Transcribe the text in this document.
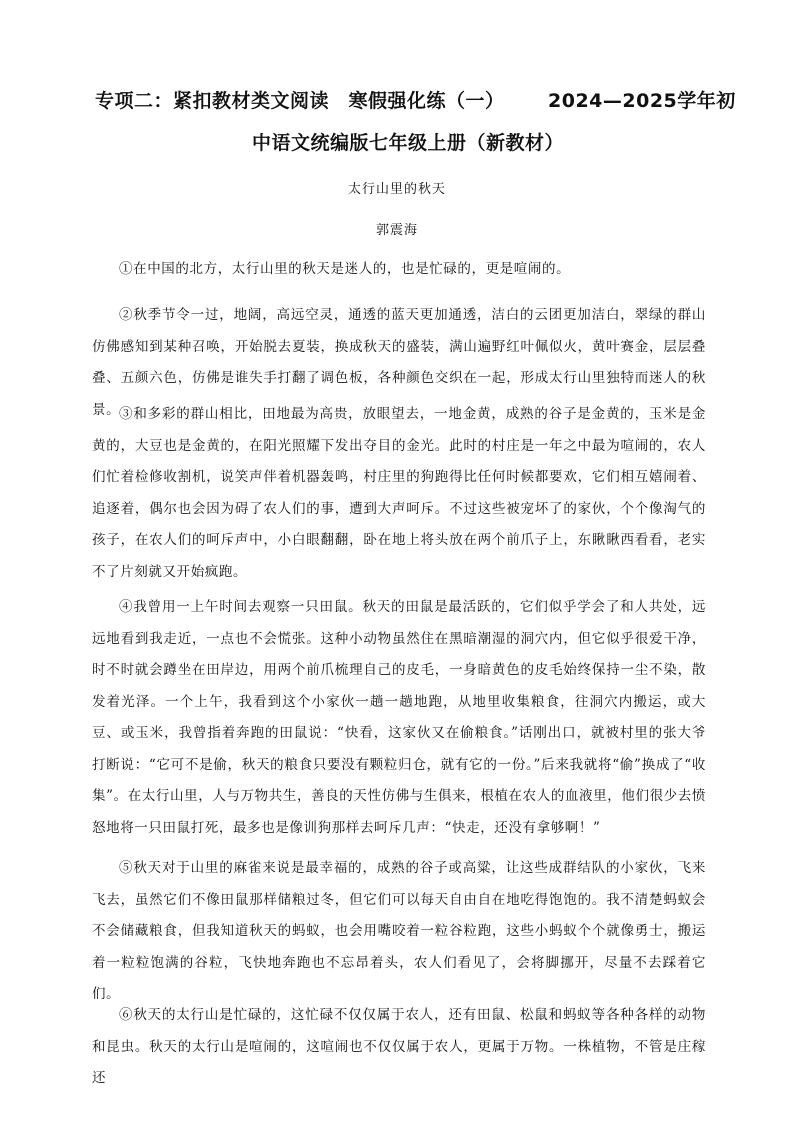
专项二：紧扣教材类文阅读　寒假强化练（一） 2024—2025学年初
中语文统编版七年级上册（新教材）
太行山里的秋天
郭震海

①在中国的北方，太行山里的秋天是迷人的，也是忙碌的，更是喧闹的。

②秋季节令一过，地阔，高远空灵，通透的蓝天更加通透，洁白的云团更加洁白，翠绿的群山仿佛感知到某种召唤，开始脱去夏装，换成秋天的盛装，满山遍野红叶佩似火，黄叶赛金，层层叠叠、五颜六色，仿佛是谁失手打翻了调色板，各种颜色交织在一起，形成太行山里独特而迷人的秋景。

③和多彩的群山相比，田地最为高贵，放眼望去，一地金黄，成熟的谷子是金黄的，玉米是金黄的，大豆也是金黄的，在阳光照耀下发出夺目的金光。此时的村庄是一年之中最为喧闹的，农人们忙着检修收割机，说笑声伴着机器轰鸣，村庄里的狗跑得比任何时候都要欢，它们相互嬉闹着、追逐着，偶尔也会因为碍了农人们的事，遭到大声呵斥。不过这些被宠坏了的家伙，个个像淘气的孩子，在农人们的呵斥声中，小白眼翻翻，卧在地上将头放在两个前爪子上，东瞅瞅西看看，老实不了片刻就又开始疯跑。

④我曾用一上午时间去观察一只田鼠。秋天的田鼠是最活跃的，它们似乎学会了和人共处，远远地看到我走近，一点也不会慌张。这种小动物虽然住在黑暗潮湿的洞穴内，但它似乎很爱干净，时不时就会蹲坐在田岸边，用两个前爪梳理自己的皮毛，一身暗黄色的皮毛始终保持一尘不染，散发着光泽。一个上午，我看到这个小家伙一趟一趟地跑，从地里收集粮食，往洞穴内搬运，或大豆、或玉米，我曾指着奔跑的田鼠说：“快看，这家伙又在偷粮食。”话刚出口，就被村里的张大爷打断说：“它可不是偷，秋天的粮食只要没有颗粒归仓，就有它的一份。”后来我就将“偷”换成了“收集”。在太行山里，人与万物共生，善良的天性仿佛与生俱来，根植在农人的血液里，他们很少去愤怒地将一只田鼠打死，最多也是像训狗那样去呵斥几声：“快走，还没有拿够啊！”

⑤秋天对于山里的麻雀来说是最幸福的，成熟的谷子或高粱，让这些成群结队的小家伙，飞来飞去，虽然它们不像田鼠那样储粮过冬，但它们可以每天自由自在地吃得饱饱的。我不清楚蚂蚁会不会储藏粮食，但我知道秋天的蚂蚁，也会用嘴咬着一粒谷粒跑，这些小蚂蚁个个就像勇士，搬运着一粒粒饱满的谷粒，飞快地奔跑也不忘昂着头，农人们看见了，会将脚挪开，尽量不去踩着它们。

⑥秋天的太行山是忙碌的，这忙碌不仅仅属于农人，还有田鼠、松鼠和蚂蚁等各种各样的动物和昆虫。秋天的太行山是喧闹的，这喧闹也不仅仅属于农人，更属于万物。一株植物，不管是庄稼还
